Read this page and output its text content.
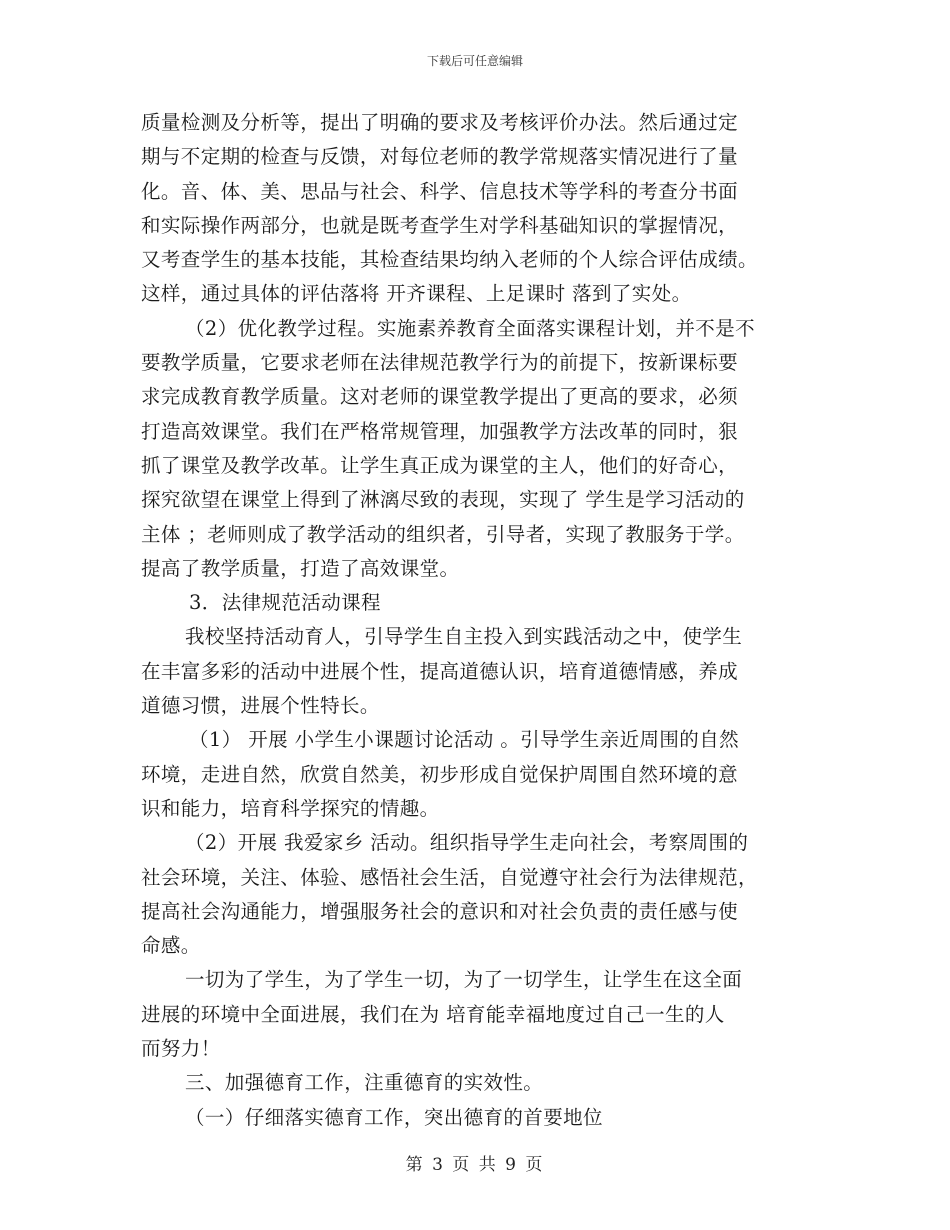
下载后可任意编辑
质量检测及分析等，提出了明确的要求及考核评价办法。然后通过定
期与不定期的检查与反馈，对每位老师的教学常规落实情况进行了量
化。音、体、美、思品与社会、科学、信息技术等学科的考查分书面
和实际操作两部分，也就是既考查学生对学科基础知识的掌握情况，
又考查学生的基本技能，其检查结果均纳入老师的个人综合评估成绩。
这样，通过具体的评估落将 开齐课程、上足课时 落到了实处。
（2）优化教学过程。实施素养教育全面落实课程计划，并不是不
要教学质量，它要求老师在法律规范教学行为的前提下，按新课标要
求完成教育教学质量。这对老师的课堂教学提出了更高的要求，必须
打造高效课堂。我们在严格常规管理，加强教学方法改革的同时，狠
抓了课堂及教学改革。让学生真正成为课堂的主人，他们的好奇心，
探究欲望在课堂上得到了淋漓尽致的表现，实现了 学生是学习活动的
主体 ；老师则成了教学活动的组织者，引导者，实现了教服务于学。
提高了教学质量，打造了高效课堂。
3．法律规范活动课程
我校坚持活动育人，引导学生自主投入到实践活动之中，使学生
在丰富多彩的活动中进展个性，提高道德认识，培育道德情感，养成
道德习惯，进展个性特长。
（1） 开展 小学生小课题讨论活动 。引导学生亲近周围的自然
环境，走进自然，欣赏自然美，初步形成自觉保护周围自然环境的意
识和能力，培育科学探究的情趣。
（2）开展 我爱家乡 活动。组织指导学生走向社会，考察周围的
社会环境，关注、体验、感悟社会生活，自觉遵守社会行为法律规范，
提高社会沟通能力，增强服务社会的意识和对社会负责的责任感与使
命感。
一切为了学生，为了学生一切，为了一切学生，让学生在这全面
进展的环境中全面进展，我们在为 培育能幸福地度过自己一生的人
而努力！
三、加强德育工作，注重德育的实效性。
（一）仔细落实德育工作，突出德育的首要地位
第 3 页 共 9 页
